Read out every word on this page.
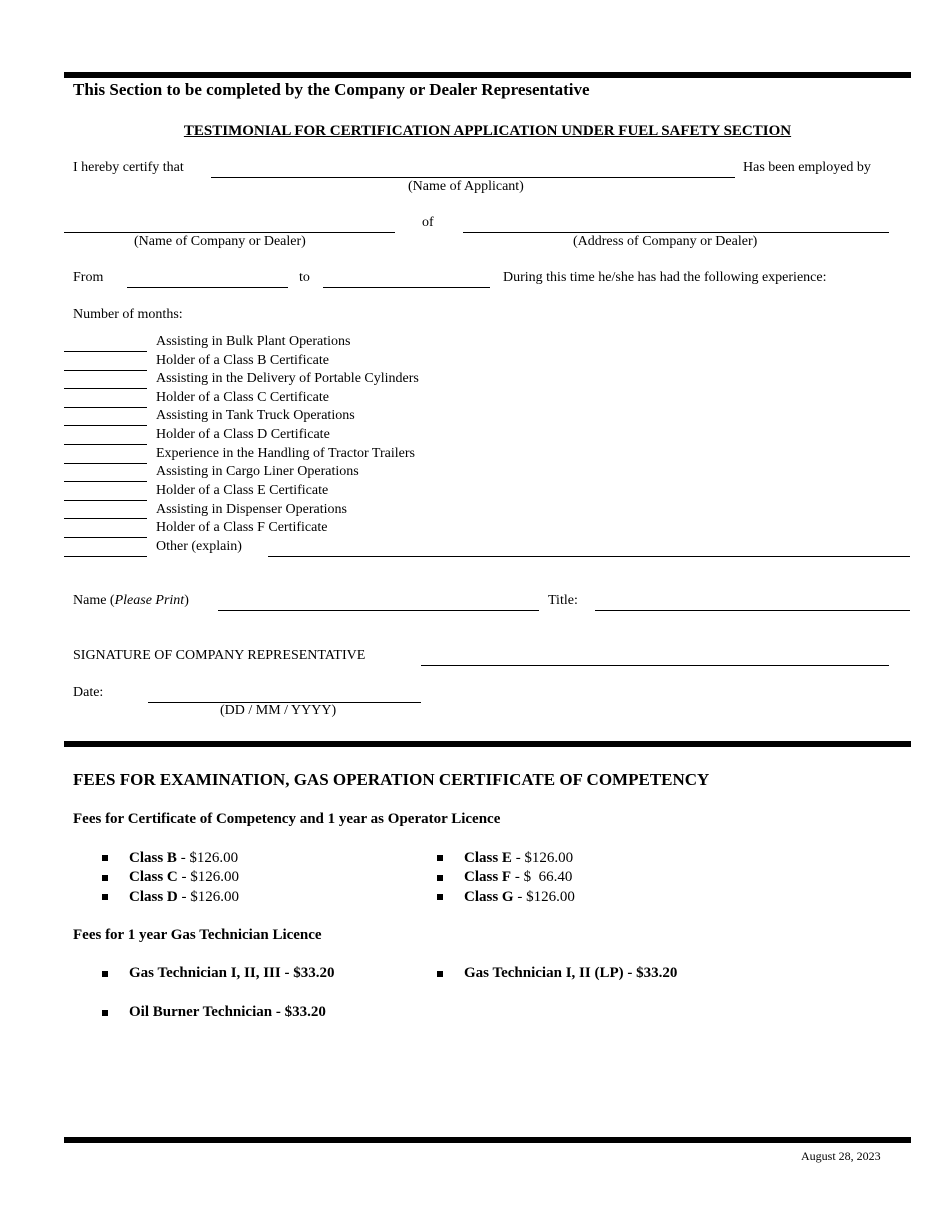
This Section to be completed by the Company or Dealer Representative
TESTIMONIAL FOR CERTIFICATION APPLICATION UNDER FUEL SAFETY SECTION
I hereby certify that	Has been employed by
(Name of Applicant)
of
(Name of Company or Dealer)	(Address of Company or Dealer)
From	to	During this time he/she has had the following experience:
Number of months:
Assisting in Bulk Plant Operations
Holder of a Class B Certificate
Assisting in the Delivery of Portable Cylinders
Holder of a Class C Certificate
Assisting in Tank Truck Operations
Holder of a Class D Certificate
Experience in the Handling of Tractor Trailers
Assisting in Cargo Liner Operations
Holder of a Class E Certificate
Assisting in Dispenser Operations
Holder of a Class F Certificate
Other (explain)
Name (Please Print)	Title:
SIGNATURE OF COMPANY REPRESENTATIVE
Date:
(DD / MM / YYYY)
FEES FOR EXAMINATION, GAS OPERATION CERTIFICATE OF COMPETENCY
Fees for Certificate of Competency and 1 year as Operator Licence
Class B - $126.00
Class C - $126.00
Class D - $126.00
Class E - $126.00
Class F - $  66.40
Class G - $126.00
Fees for 1 year Gas Technician Licence
Gas Technician I, II, III - $33.20	Gas Technician I, II (LP) - $33.20
Oil Burner Technician - $33.20
August 28, 2023
